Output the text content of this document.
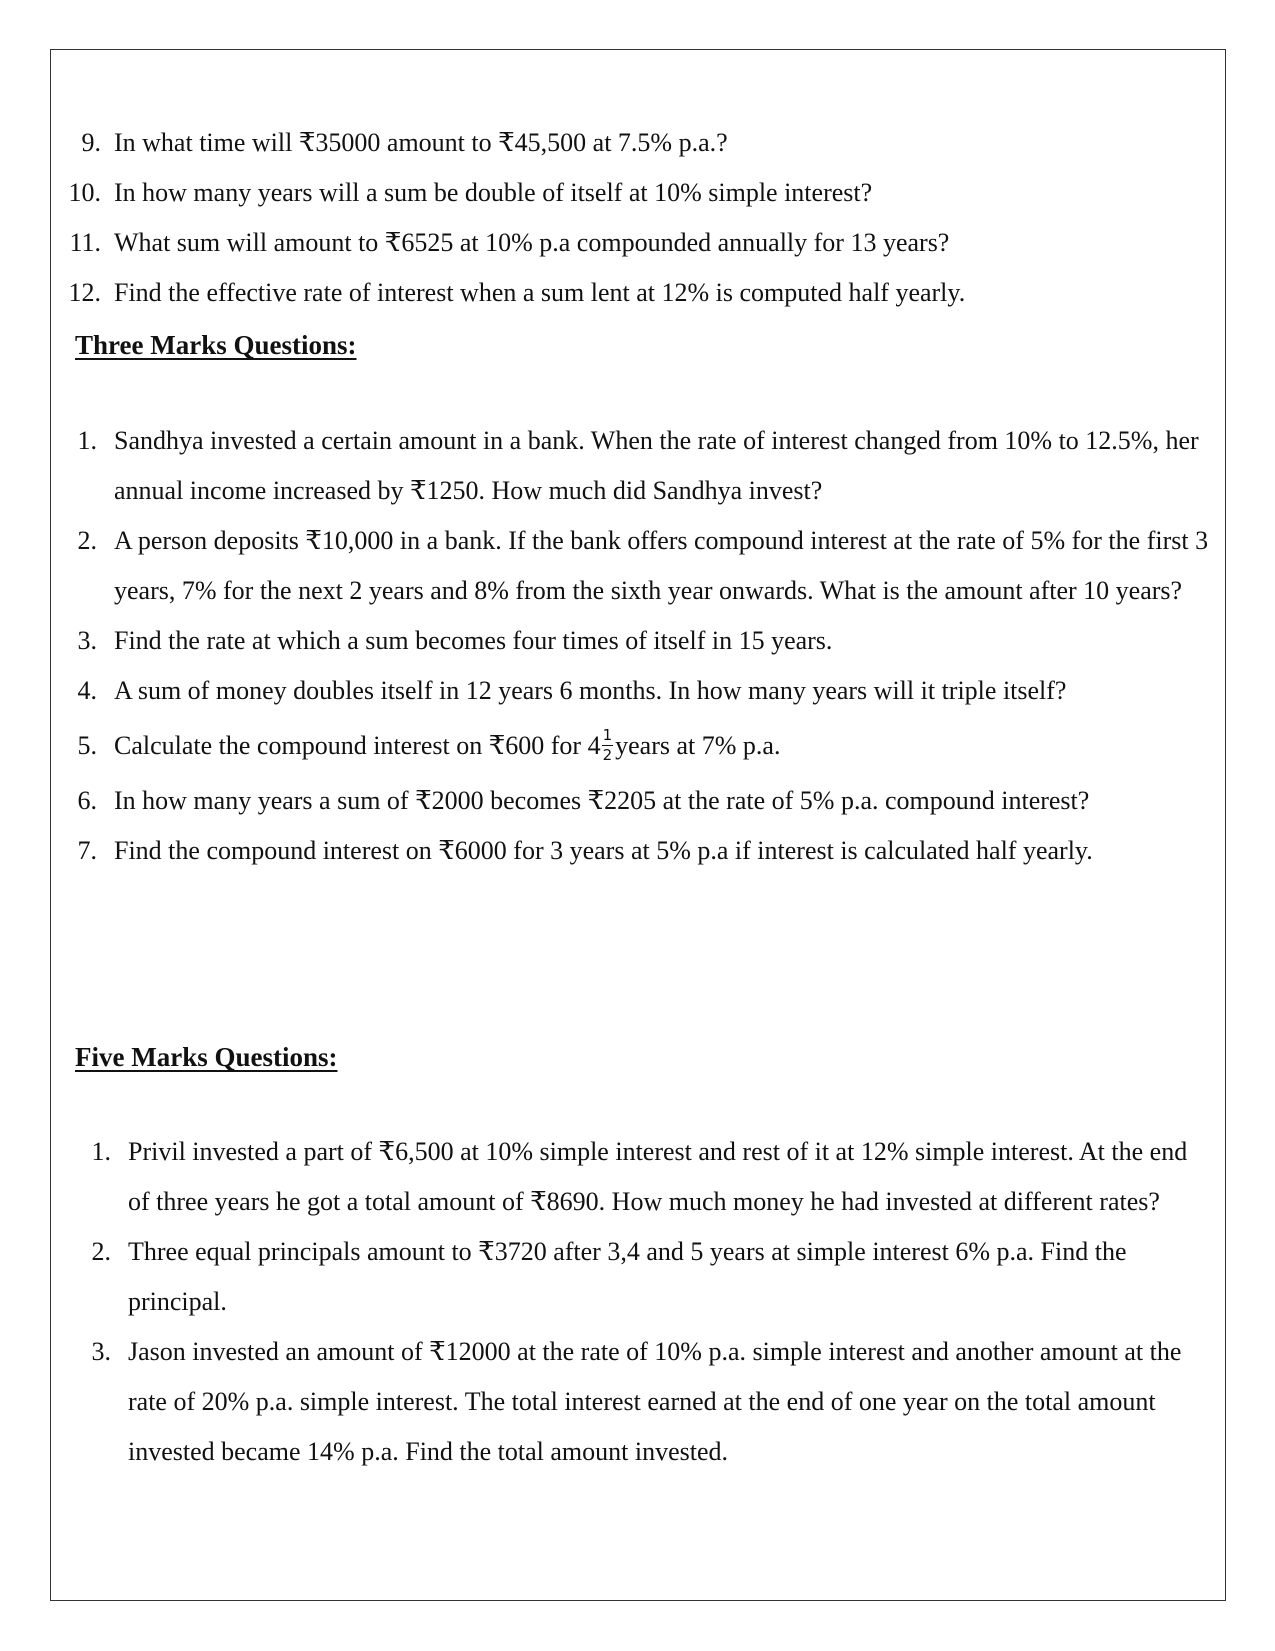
9. In what time will ₹35000 amount to ₹45,500 at 7.5% p.a.?
10. In how many years will a sum be double of itself at 10% simple interest?
11. What sum will amount to ₹6525 at 10% p.a compounded annually for 13 years?
12. Find the effective rate of interest when a sum lent at 12% is computed half yearly.
Three Marks Questions:
1. Sandhya invested a certain amount in a bank. When the rate of interest changed from 10% to 12.5%, her annual income increased by ₹1250. How much did Sandhya invest?
2. A person deposits ₹10,000 in a bank. If the bank offers compound interest at the rate of 5% for the first 3 years, 7% for the next 2 years and 8% from the sixth year onwards. What is the amount after 10 years?
3. Find the rate at which a sum becomes four times of itself in 15 years.
4. A sum of money doubles itself in 12 years 6 months. In how many years will it triple itself?
5. Calculate the compound interest on ₹600 for $4 \frac{1}{2}$ years at 7% p.a.
6. In how many years a sum of ₹2000 becomes ₹2205 at the rate of 5% p.a. compound interest?
7. Find the compound interest on ₹6000 for 3 years at 5% p.a if interest is calculated half yearly.
Five Marks Questions:
1. Privil invested a part of ₹6,500 at 10% simple interest and rest of it at 12% simple interest. At the end of three years he got a total amount of ₹8690. How much money he had invested at different rates?
2. Three equal principals amount to ₹3720 after 3,4 and 5 years at simple interest 6% p.a. Find the principal.
3. Jason invested an amount of ₹12000 at the rate of 10% p.a. simple interest and another amount at the rate of 20% p.a. simple interest. The total interest earned at the end of one year on the total amount invested became 14% p.a. Find the total amount invested.
